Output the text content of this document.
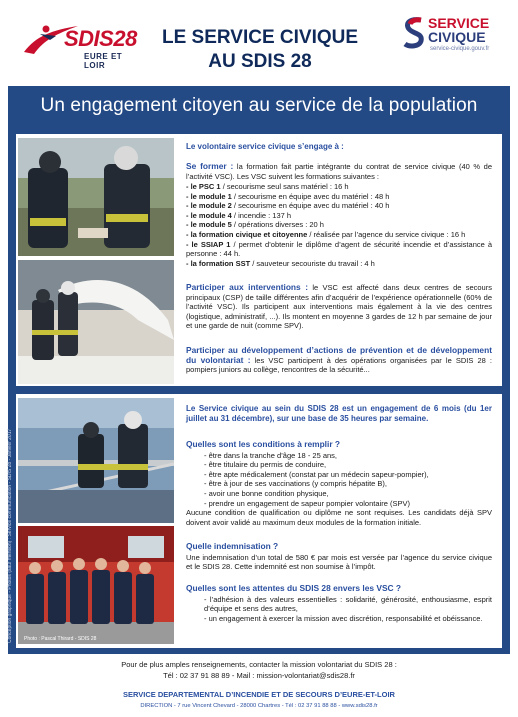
SDIS28
EURE ET LOIR
LE SERVICE CIVIQUE
AU SDIS 28
SERVICE
CIVIQUE
service-civique.gouv.fr
Un engagement citoyen au service de la population
Conception graphique - Photos (sauf mention) : Service communication - SDIS 28 - Janvier 2017 Photo : Pascal Thirard - SDIS 28
Le volontaire service civique s’engage à :
Se former : la formation fait partie intégrante du contrat de service civique (40 % de l’activité VSC). Les VSC suivent les formations suivantes :
- le PSC 1 / secourisme seul sans matériel : 16 h
- le module 1 / secourisme en équipe avec du matériel : 48 h
- le module 2 / secourisme en équipe avec du matériel : 40 h
- le module 4 / incendie : 137 h
- le module 5 / opérations diverses : 20 h
- la formation civique et citoyenne / réalisée par l’agence du service civique : 16 h
- le SSIAP 1 / permet d’obtenir le diplôme d’agent de sécurité incendie et d’assistance à personne : 44 h.
- la formation SST / sauveteur secouriste du travail : 4 h
Participer aux interventions : le VSC est affecté dans deux centres de secours principaux (CSP) de taille différentes afin d’acquérir de l’expérience opérationnelle (60% de l’activité VSC). Ils participent aux interventions mais également à la vie des centres (logistique, administratif, ...). Ils montent en moyenne 3 gardes de 12 h par semaine de jour et une garde de nuit (comme SPV).
Participer au développement d’actions de prévention et de développement du volontariat : les VSC participent à des opérations organisées par le SDIS 28 : pompiers juniors au collège, rencontres de la sécurité...
Le Service civique au sein du SDIS 28 est un engagement de 6 mois (du 1er juillet au 31 décembre), sur une base de 35 heures par semaine.
Quelles sont les conditions à remplir ?
- être dans la tranche d’âge 18 - 25 ans,
- être titulaire du permis de conduire,
- être apte médicalement (constat par un médecin sapeur-pompier),
- être à jour de ses vaccinations (y compris hépatite B),
- avoir une bonne condition physique,
- prendre un engagement de sapeur pompier volontaire (SPV)
Aucune condition de qualification ou diplôme ne sont requises. Les candidats déjà SPV doivent avoir validé au maximum deux modules de la formation initiale.
Quelle indemnisation ?
Une indemnisation d’un total de 580 € par mois est versée par l’agence du service civique et le SDIS 28. Cette indemnité est non soumise à l’impôt.
Quelles sont les attentes du SDIS 28 envers les VSC ?
- l’adhésion à des valeurs essentielles : solidarité, générosité, enthousiasme, esprit d’équipe et sens des autres,
- un engagement à exercer la mission avec discrétion, responsabilité et obéissance.
Pour de plus amples renseignements, contacter la mission volontariat du SDIS 28 :
Tél : 02 37 91 88 89 - Mail : mission-volontariat@sdis28.fr
SERVICE DEPARTEMENTAL D’INCENDIE ET DE SECOURS D’EURE-ET-LOIR
DIRECTION - 7 rue Vincent Chevard - 28000 Chartres - Tél : 02 37 91 88 88 - www.sdis28.fr
